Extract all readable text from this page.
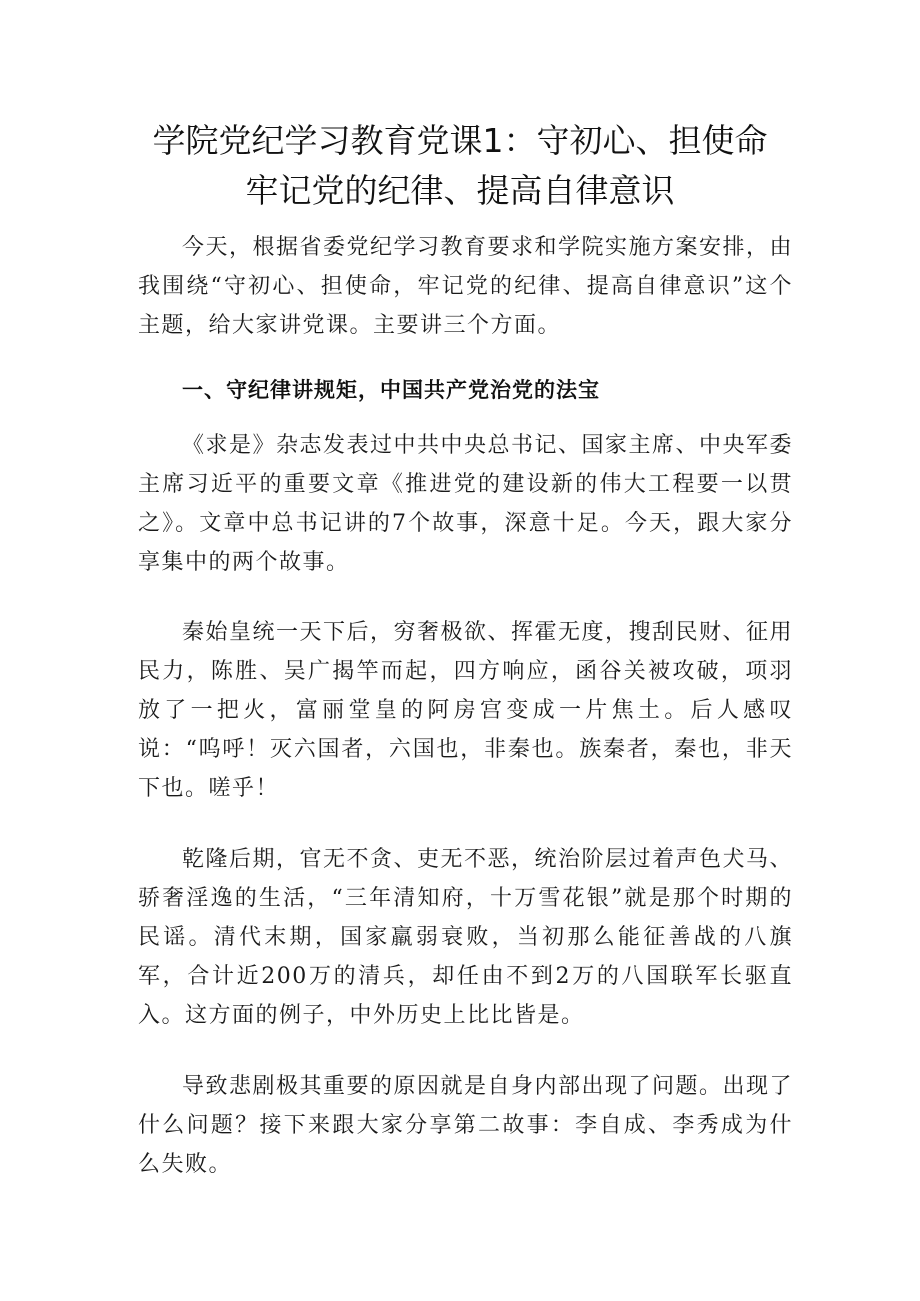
学院党纪学习教育党课1：守初心、担使命
牢记党的纪律、提高自律意识

今天，根据省委党纪学习教育要求和学院实施方案安排，由我围绕“守初心、担使命，牢记党的纪律、提高自律意识”这个主题，给大家讲党课。主要讲三个方面。

一、守纪律讲规矩，中国共产党治党的法宝

《求是》杂志发表过中共中央总书记、国家主席、中央军委主席习近平的重要文章《推进党的建设新的伟大工程要一以贯之》。文章中总书记讲的7个故事，深意十足。今天，跟大家分享集中的两个故事。

秦始皇统一天下后，穷奢极欲、挥霍无度，搜刮民财、征用民力，陈胜、吴广揭竿而起，四方响应，函谷关被攻破，项羽放了一把火，富丽堂皇的阿房宫变成一片焦土。后人感叹说：“呜呼！灭六国者，六国也，非秦也。族秦者，秦也，非天下也。嗟乎！

乾隆后期，官无不贪、吏无不恶，统治阶层过着声色犬马、骄奢淫逸的生活，“三年清知府，十万雪花银”就是那个时期的民谣。清代末期，国家羸弱衰败，当初那么能征善战的八旗军，合计近200万的清兵，却任由不到2万的八国联军长驱直入。这方面的例子，中外历史上比比皆是。

导致悲剧极其重要的原因就是自身内部出现了问题。出现了什么问题？接下来跟大家分享第二故事：李自成、李秀成为什么失败。
